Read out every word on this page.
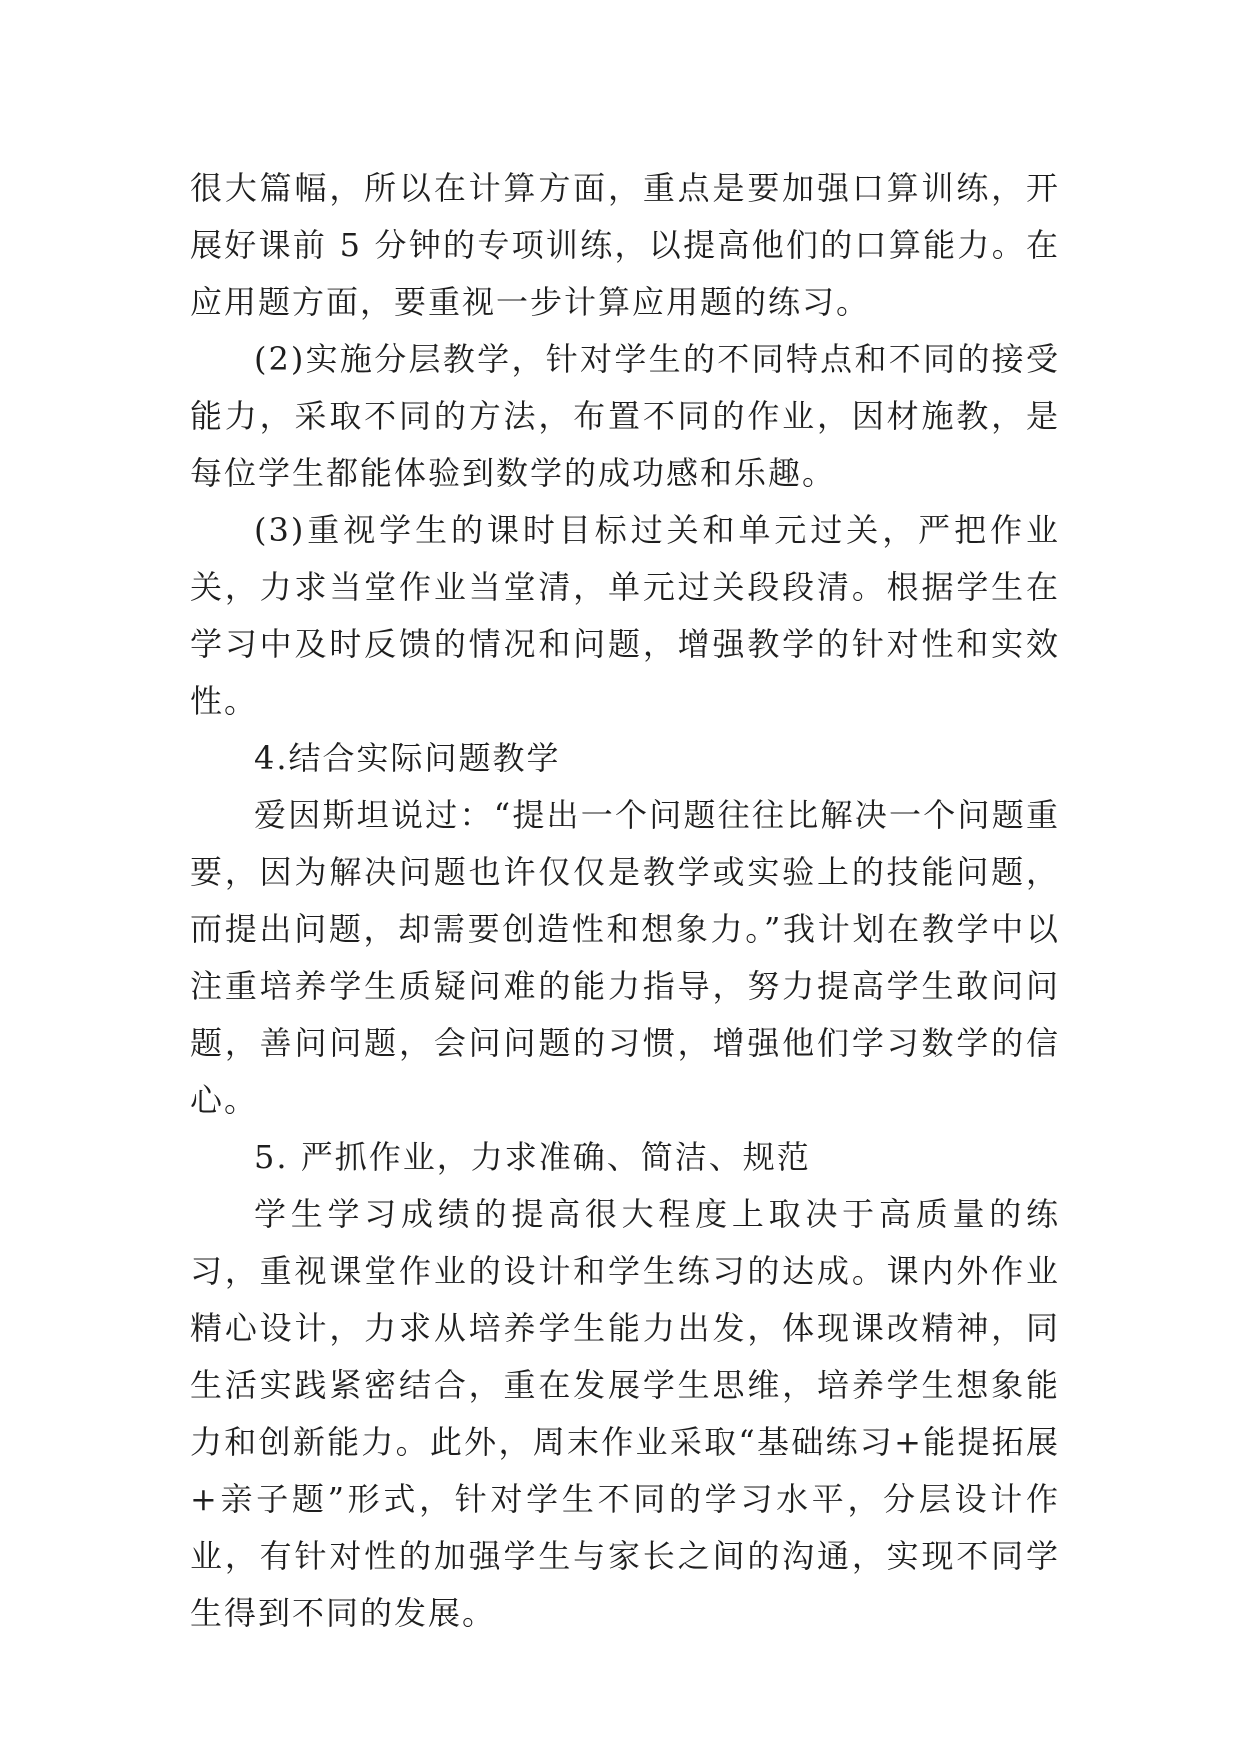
很大篇幅，所以在计算方面，重点是要加强口算训练，开展好课前 5 分钟的专项训练，以提高他们的口算能力。在应用题方面，要重视一步计算应用题的练习。

(2)实施分层教学，针对学生的不同特点和不同的接受能力，采取不同的方法，布置不同的作业，因材施教，是每位学生都能体验到数学的成功感和乐趣。

(3)重视学生的课时目标过关和单元过关，严把作业关，力求当堂作业当堂清，单元过关段段清。根据学生在学习中及时反馈的情况和问题，增强教学的针对性和实效性。

4.结合实际问题教学

爱因斯坦说过：“提出一个问题往往比解决一个问题重要，因为解决问题也许仅仅是教学或实验上的技能问题，而提出问题，却需要创造性和想象力。”我计划在教学中以注重培养学生质疑问难的能力指导，努力提高学生敢问问题，善问问题，会问问题的习惯，增强他们学习数学的信心。

5. 严抓作业，力求准确、简洁、规范

学生学习成绩的提高很大程度上取决于高质量的练习，重视课堂作业的设计和学生练习的达成。课内外作业精心设计，力求从培养学生能力出发，体现课改精神，同生活实践紧密结合，重在发展学生思维，培养学生想象能力和创新能力。此外，周末作业采取“基础练习+能提拓展+亲子题”形式，针对学生不同的学习水平，分层设计作业，有针对性的加强学生与家长之间的沟通，实现不同学生得到不同的发展。
